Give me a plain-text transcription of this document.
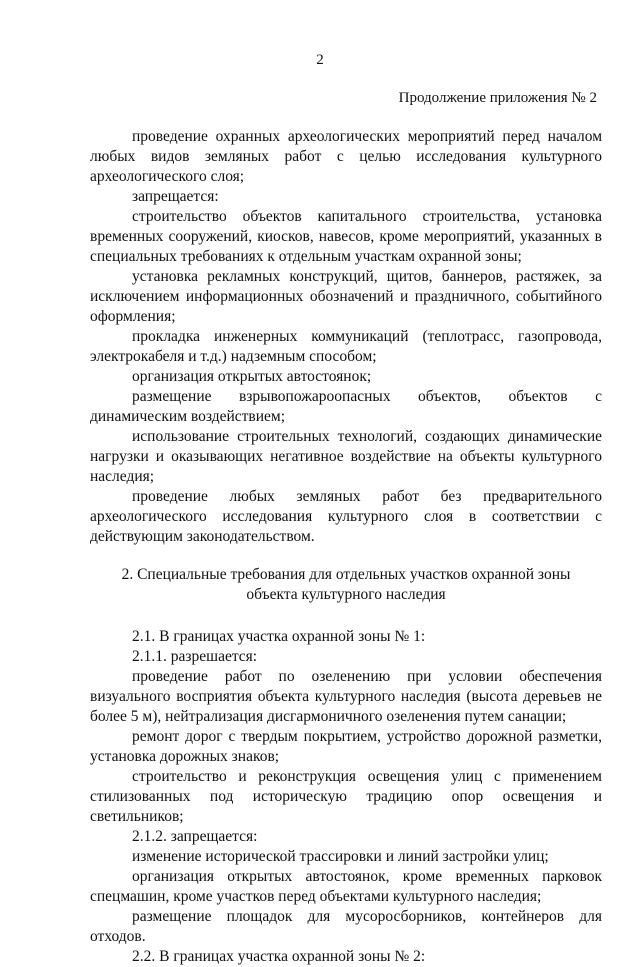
2
Продолжение приложения № 2

проведение охранных археологических мероприятий перед началом любых видов земляных работ с целью исследования культурного археологического слоя;

запрещается:

строительство объектов капитального строительства, установка временных сооружений, киосков, навесов, кроме мероприятий, указанных в специальных требованиях к отдельным участкам охранной зоны;

установка рекламных конструкций, щитов, баннеров, растяжек, за исключением информационных обозначений и праздничного, событийного оформления;

прокладка инженерных коммуникаций (теплотрасс, газопровода, электрокабеля и т.д.) надземным способом;

организация открытых автостоянок;

размещение взрывопожароопасных объектов, объектов с динамическим воздействием;

использование строительных технологий, создающих динамические нагрузки и оказывающих негативное воздействие на объекты культурного наследия;

проведение любых земляных работ без предварительного археологического исследования культурного слоя в соответствии с действующим законодательством.

2. Специальные требования для отдельных участков охранной зоны
объекта культурного наследия

2.1. В границах участка охранной зоны № 1:

2.1.1. разрешается:

проведение работ по озеленению при условии обеспечения визуального восприятия объекта культурного наследия (высота деревьев не более 5 м), нейтрализация дисгармоничного озеленения путем санации;

ремонт дорог с твердым покрытием, устройство дорожной разметки, установка дорожных знаков;

строительство и реконструкция освещения улиц с применением стилизованных под историческую традицию опор освещения и светильников;

2.1.2. запрещается:

изменение исторической трассировки и линий застройки улиц;

организация открытых автостоянок, кроме временных парковок спецмашин, кроме участков перед объектами культурного наследия;

размещение площадок для мусоросборников, контейнеров для отходов.

2.2. В границах участка охранной зоны № 2:
